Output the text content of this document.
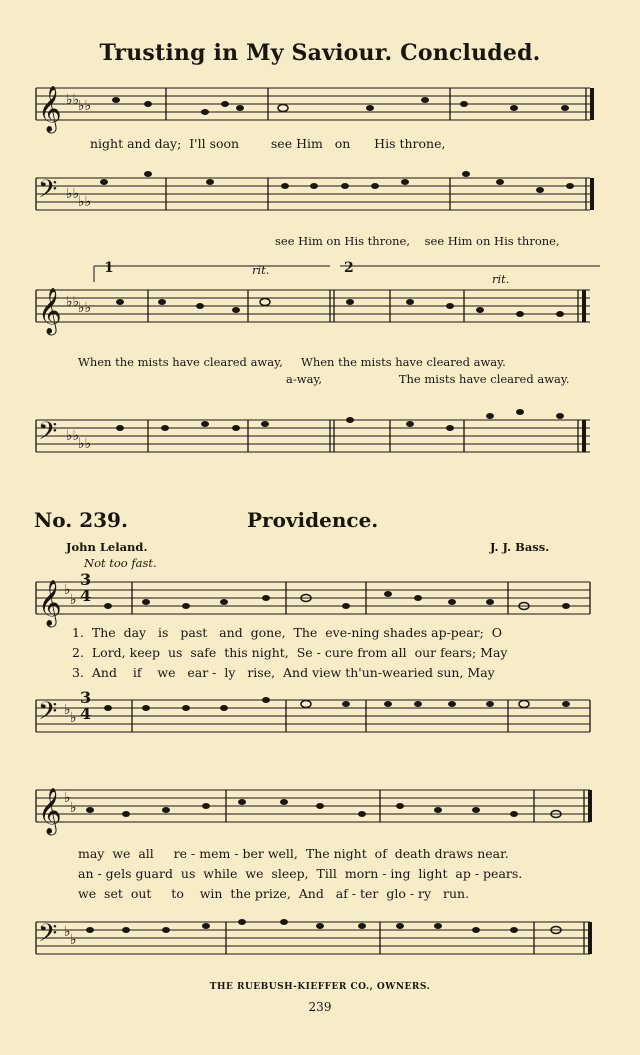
Trusting in My Saviour. Concluded.
𝄞 ♭♭
♭♭
night and day;  I'll soon        see Him   on      His throne,
𝄢 ♭♭
♭♭
see Him on His throne,    see Him on His throne,
1	2
rit.
rit.
𝄞 ♭♭
♭♭
When the mists have cleared away,     When the mists have cleared away.
a-way,                     The mists have cleared away.
𝄢 ♭♭
♭♭
No. 239.	Providence.
John Leland.	J. J. Bass.
Not too fast.
𝄞 ♭
♭
3
4
1.  The  day   is   past   and  gone,  The  eve-ning shades ap-pear;  O
2.  Lord, keep  us  safe  this night,  Se - cure from all  our fears; May
3.  And    if    we   ear -  ly   rise,  And view th'un-wearied sun, May
𝄢 ♭ ♭
3
4
𝄞 ♭
♭
may  we  all     re - mem - ber well,  The night  of  death draws near.
an - gels guard  us  while  we  sleep,  Till  morn - ing  light  ap - pears.
we  set  out     to    win  the prize,  And   af - ter  glo - ry   run.
𝄢 ♭ ♭
THE RUEBUSH-KIEFFER CO., OWNERS.
239
